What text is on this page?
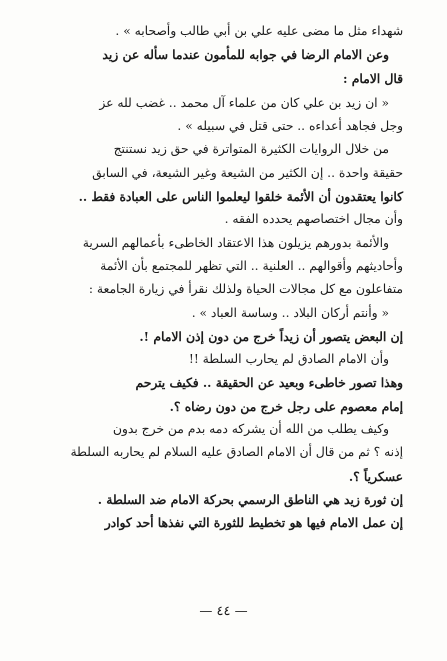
شهداء مثل ما مضى عليه علي بن أبي طالب وأصحابه » .

وعن الامام الرضا في جوابه للمأمون عندما سأله عن زيد

قال الامام :

« ان زيد بن علي كان من علماء آل محمد .. غضب لله عز

وجل فجاهد أعداءه .. حتى قتل في سبيله » .

من خلال الروايات الكثيرة المتواترة في حق زيد نستنتج

حقيقة واحدة .. إن الكثير من الشيعة وغير الشيعة، في السابق

كانوا يعتقدون أن الأئمة خلقوا ليعلموا الناس على العبادة فقط ..

وأن مجال اختصاصهم يحدده الفقه .

والأئمة بدورهم يزيلون هذا الاعتقاد الخاطىء بأعمالهم السرية

وأحاديثهم وأقوالهم .. العلنية .. التي تظهر للمجتمع بأن الأئمة

متفاعلون مع كل مجالات الحياة ولذلك نقرأ في زيارة الجامعة :

« وأنتم أركان البلاد .. وساسة العباد » .

إن البعض يتصور أن زيداً خرج من دون إذن الامام !.

وأن الامام الصادق لم يحارب السلطة !!

وهذا تصور خاطىء وبعيد عن الحقيقة .. فكيف يترحم

إمام معصوم على رجل خرج من دون رضاه ؟.

وكيف يطلب من الله أن يشركه دمه بدم من خرج بدون

إذنه ؟ ثم من قال أن الامام الصادق عليه السلام لم يحاربه السلطة

عسكرياً ؟.

إن ثورة زيد هي الناطق الرسمي بحركة الامام ضد السلطة .

إن عمل الامام فيها هو تخطيط للثورة التي نفذها أحد كوادر

— ٤٤ —
